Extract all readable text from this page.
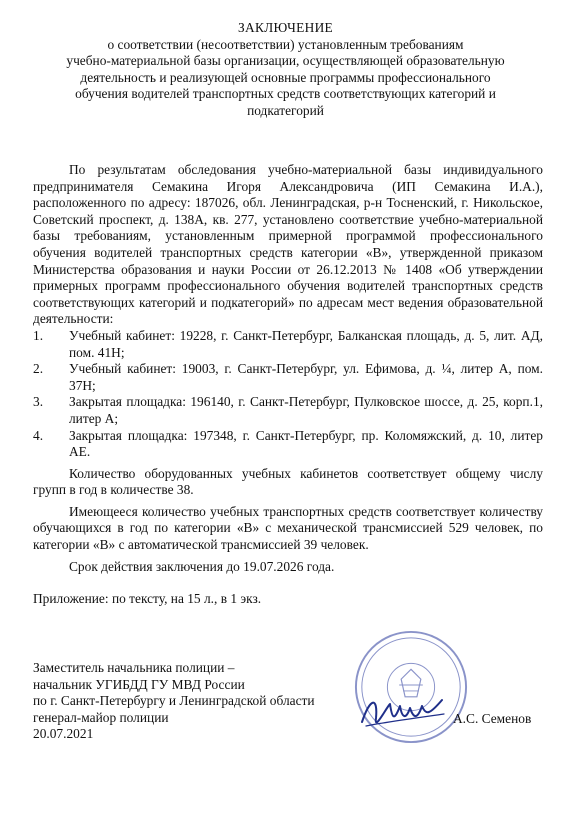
ЗАКЛЮЧЕНИЕ
о соответствии (несоответствии) установленным требованиям
учебно-материальной базы организации, осуществляющей образовательную
деятельность и реализующей основные программы профессионального
обучения водителей транспортных средств соответствующих категорий и
подкатегорий

По результатам обследования учебно-материальной базы индивидуального предпринимателя Семакина Игоря Александровича (ИП Семакина И.А.), расположенного по адресу: 187026, обл. Ленинградская, р-н Тосненский, г. Никольское, Советский проспект, д. 138А, кв. 277, установлено соответствие учебно-материальной базы требованиям, установленным примерной программой профессионального обучения водителей транспортных средств категории «В», утвержденной приказом Министерства образования и науки России от 26.12.2013 № 1408 «Об утверждении примерных программ профессионального обучения водителей транспортных средств соответствующих категорий и подкатегорий» по адресам мест ведения образовательной деятельности:

1.	Учебный кабинет: 19228, г. Санкт-Петербург, Балканская площадь, д. 5, лит. АД, пом. 41Н;
2.	Учебный кабинет: 19003, г. Санкт-Петербург, ул. Ефимова, д. ¼, литер А, пом. 37Н;
3.	Закрытая площадка: 196140, г. Санкт-Петербург, Пулковское шоссе, д. 25, корп.1, литер А;
4.	Закрытая площадка: 197348, г. Санкт-Петербург, пр. Коломяжский, д. 10, литер АЕ.

Количество оборудованных учебных кабинетов соответствует общему числу групп в год в количестве 38.

Имеющееся количество учебных транспортных средств соответствует количеству обучающихся в год по категории «В» с механической трансмиссией 529 человек, по категории «В» с автоматической трансмиссией 39 человек.

Срок действия заключения до 19.07.2026 года.

Приложение: по тексту, на 15 л., в 1 экз.

Заместитель начальника полиции –
начальник УГИБДД ГУ МВД России
по г. Санкт-Петербургу и Ленинградской области
генерал-майор полиции
20.07.2021
А.С. Семенов
